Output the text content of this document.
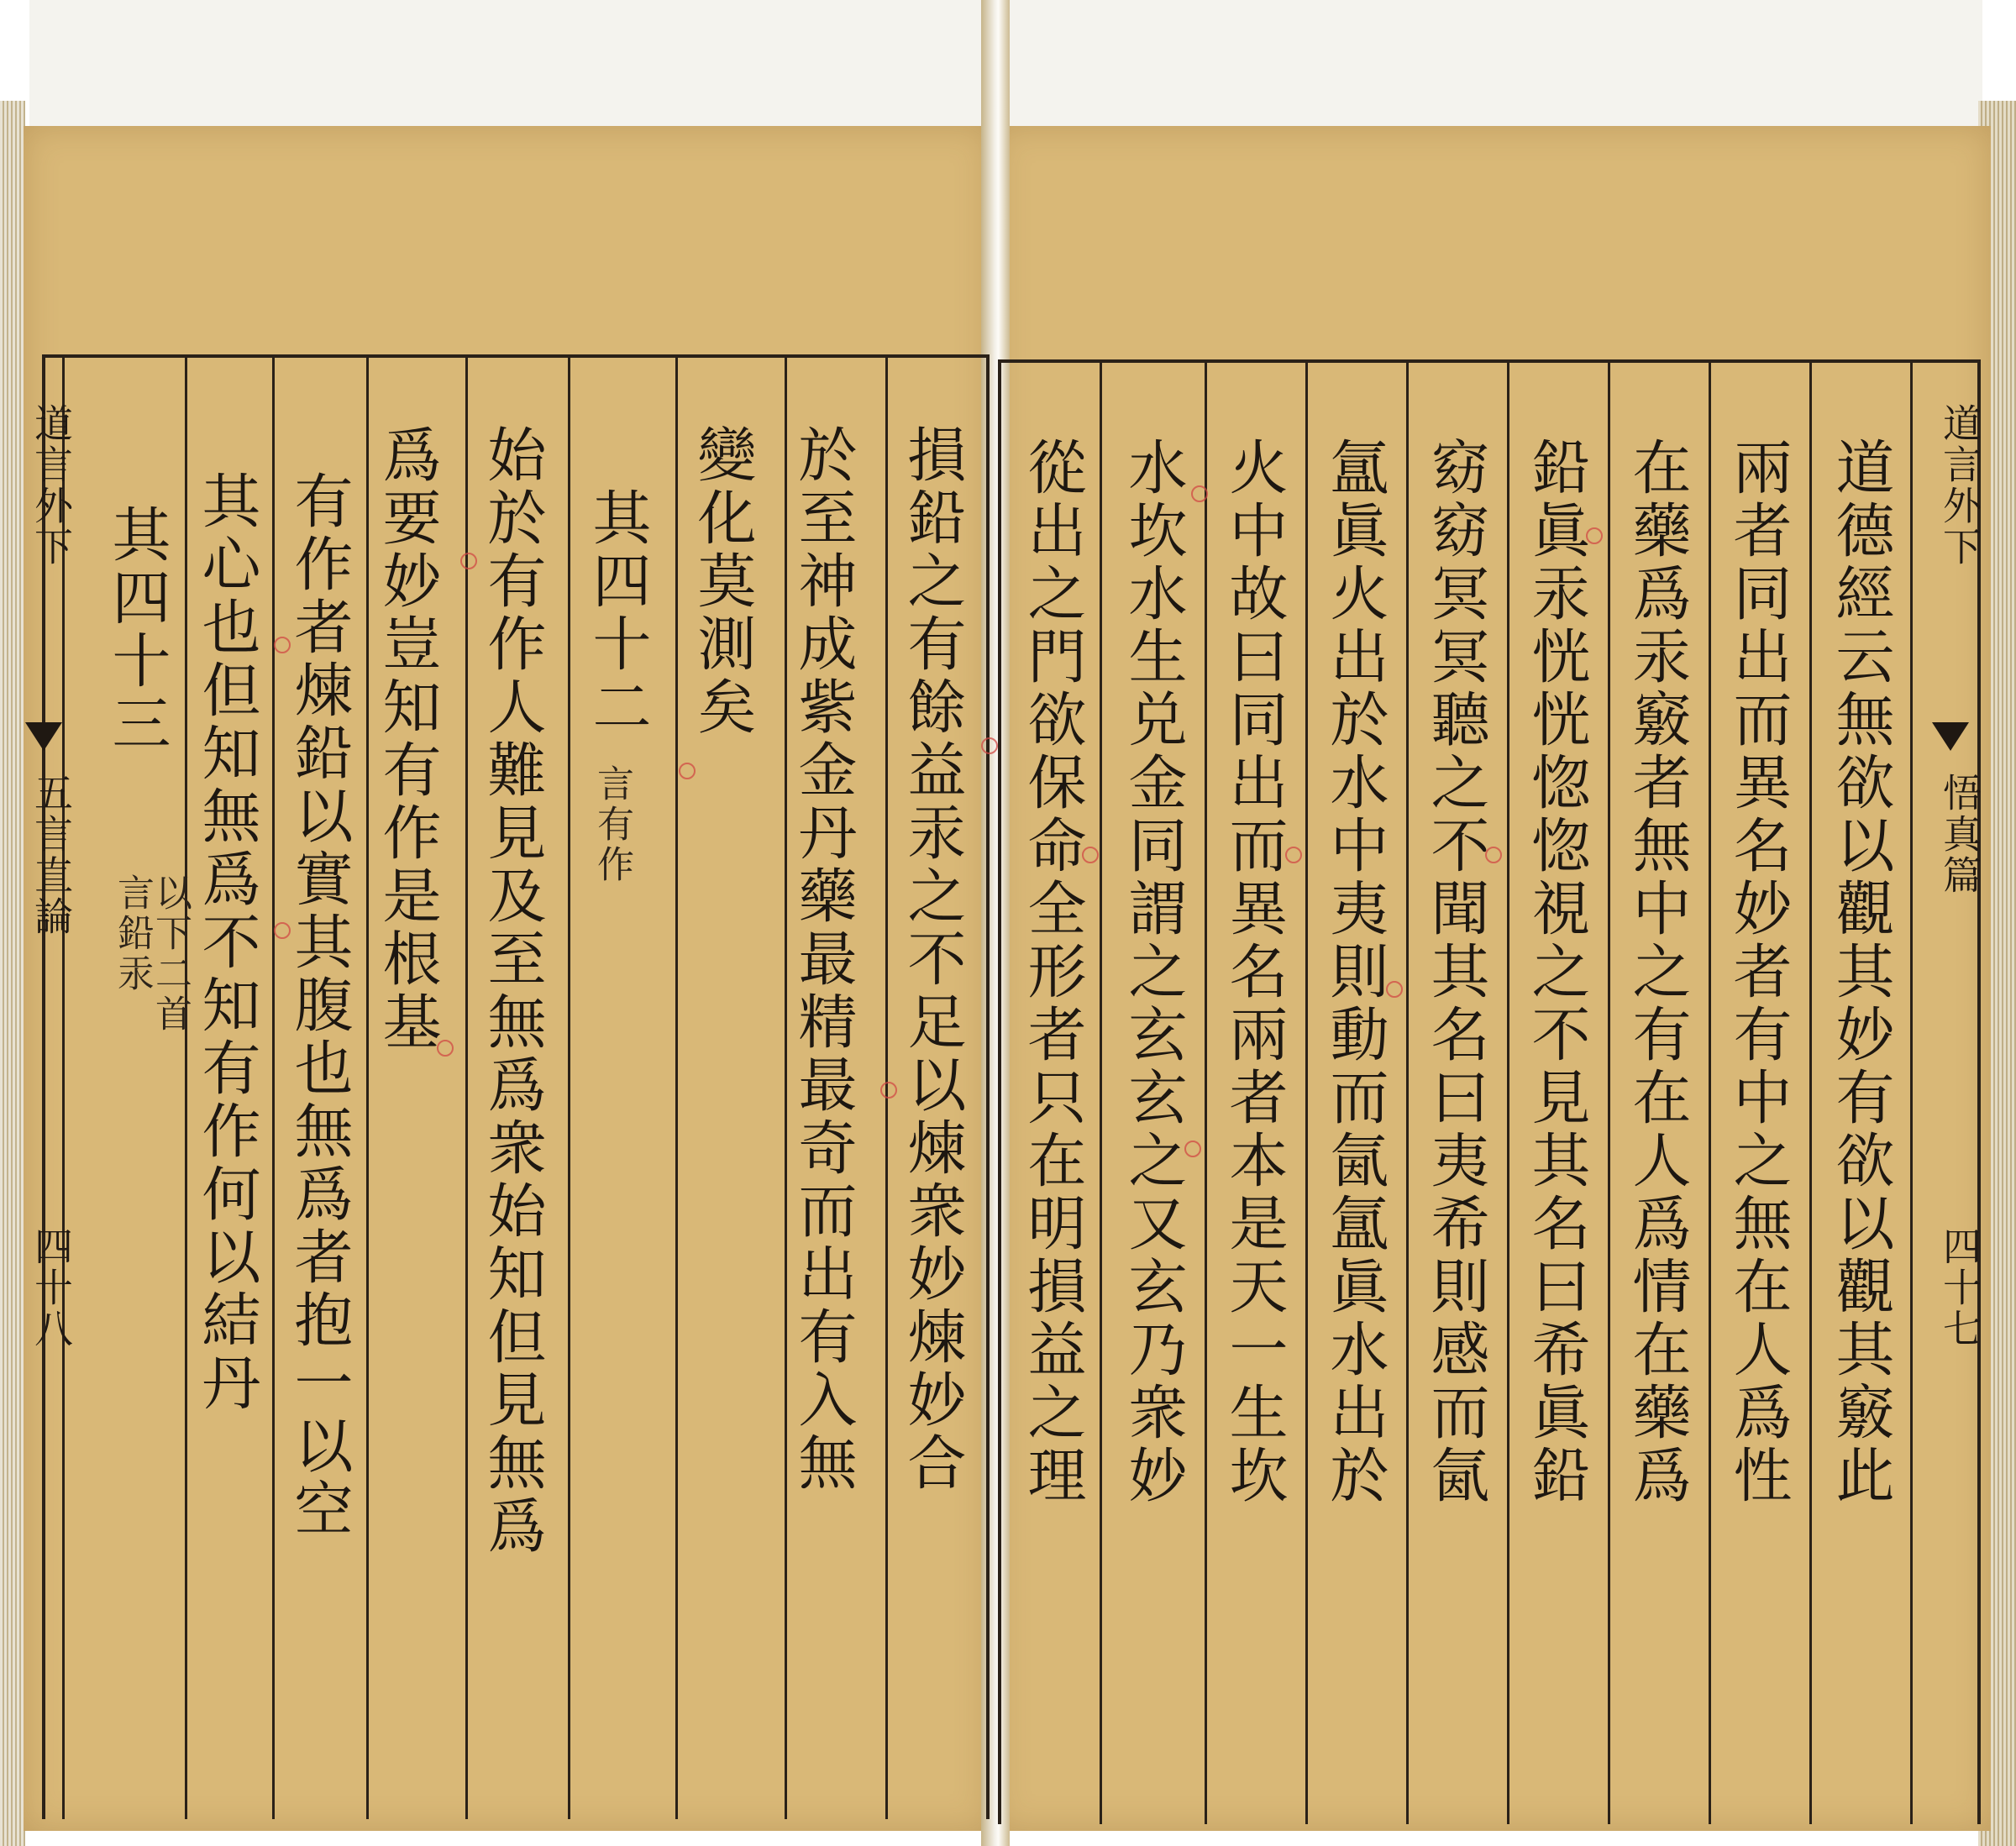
道言外下
五言直論
四十八	損鉛之有餘益汞之不足以煉衆妙煉妙合
於至神成紫金丹藥最精最奇而出有入無
變化莫測矣
其四十二
言有作
始於有作人難見及至無爲衆始知但見無爲
爲要妙豈知有作是根基
有作者煉鉛以實其腹也無爲者抱一以空
其心也但知無爲不知有作何以結丹
其四十三
言鉛汞
以下二首
道言外下
悟真篇
四十七
道德經云無欲以觀其妙有欲以觀其竅此
兩者同出而異名妙者有中之無在人爲性
在藥爲汞竅者無中之有在人爲情在藥爲
鉛眞汞恍恍惚惚視之不見其名曰希眞鉛
窈窈冥冥聽之不聞其名曰夷希則感而氤
氲眞火出於水中夷則動而氤氲眞水出於
火中故曰同出而異名兩者本是天一生坎
水坎水生兑金同謂之玄玄之又玄乃衆妙
從出之門欲保命全形者只在明損益之理
